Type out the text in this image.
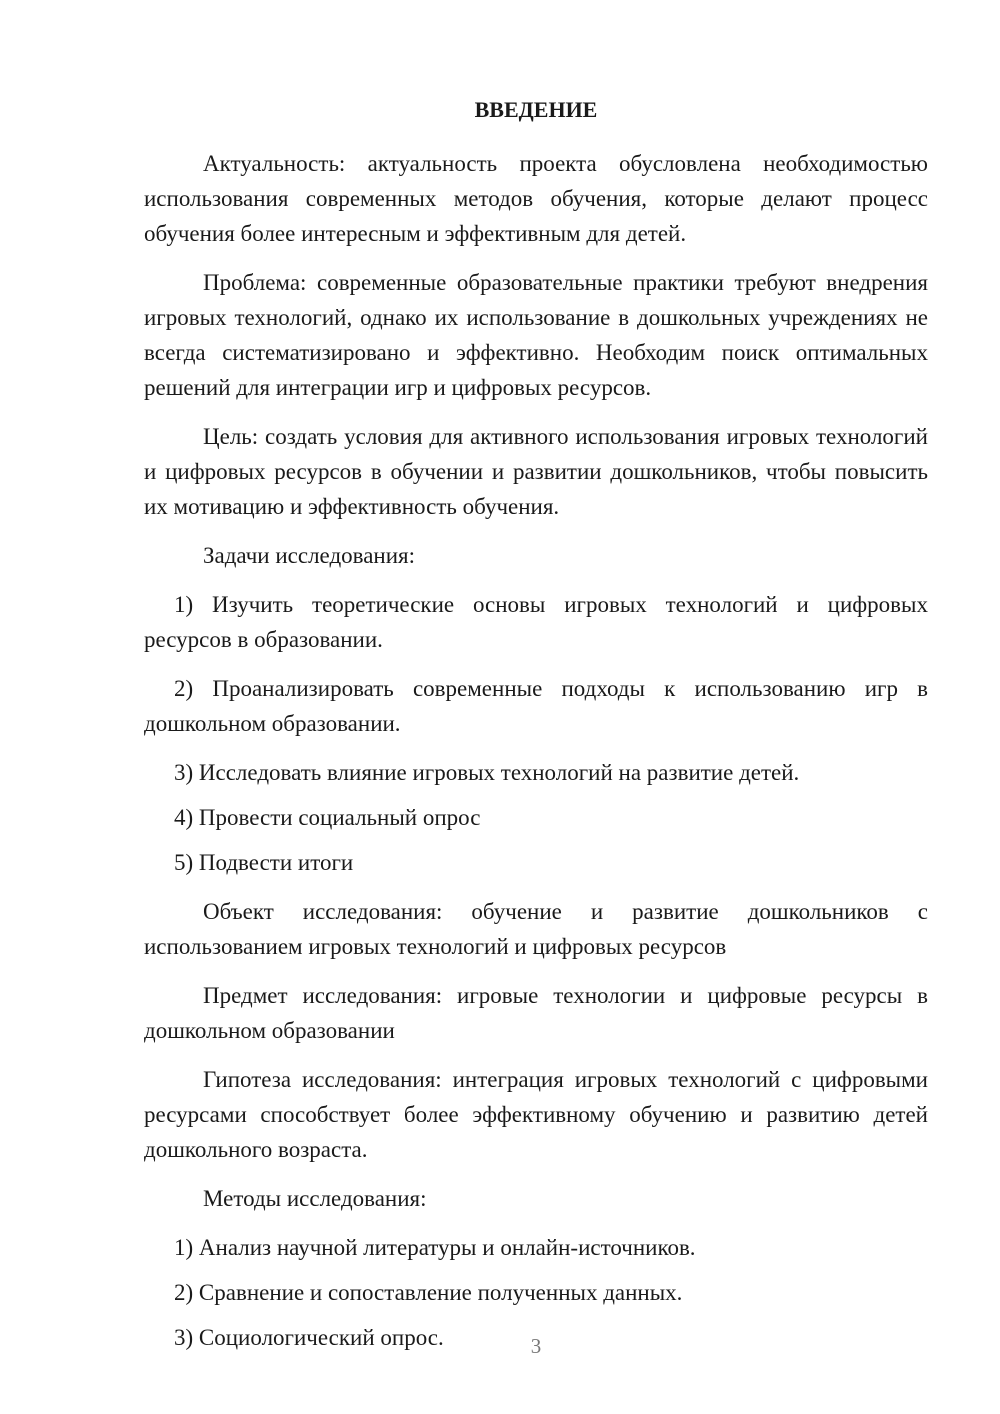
ВВЕДЕНИЕ

Актуальность: актуальность проекта обусловлена необходимостью использования современных методов обучения, которые делают процесс обучения более интересным и эффективным для детей.

Проблема: современные образовательные практики требуют внедрения игровых технологий, однако их использование в дошкольных учреждениях не всегда систематизировано и эффективно. Необходим поиск оптимальных решений для интеграции игр и цифровых ресурсов.

Цель: создать условия для активного использования игровых технологий и цифровых ресурсов в обучении и развитии дошкольников, чтобы повысить их мотивацию и эффективность обучения.

Задачи исследования:

1) Изучить теоретические основы игровых технологий и цифровых ресурсов в образовании.

2) Проанализировать современные подходы к использованию игр в дошкольном образовании.

3) Исследовать влияние игровых технологий на развитие детей.

4) Провести социальный опрос

5) Подвести итоги

Объект исследования: обучение и развитие дошкольников с использованием игровых технологий и цифровых ресурсов

Предмет исследования: игровые технологии и цифровые ресурсы в дошкольном образовании

Гипотеза исследования: интеграция игровых технологий с цифровыми ресурсами способствует более эффективному обучению и развитию детей дошкольного возраста.

Методы исследования:

1) Анализ научной литературы и онлайн-источников.

2) Сравнение и сопоставление полученных данных.

3) Социологический опрос.	3
